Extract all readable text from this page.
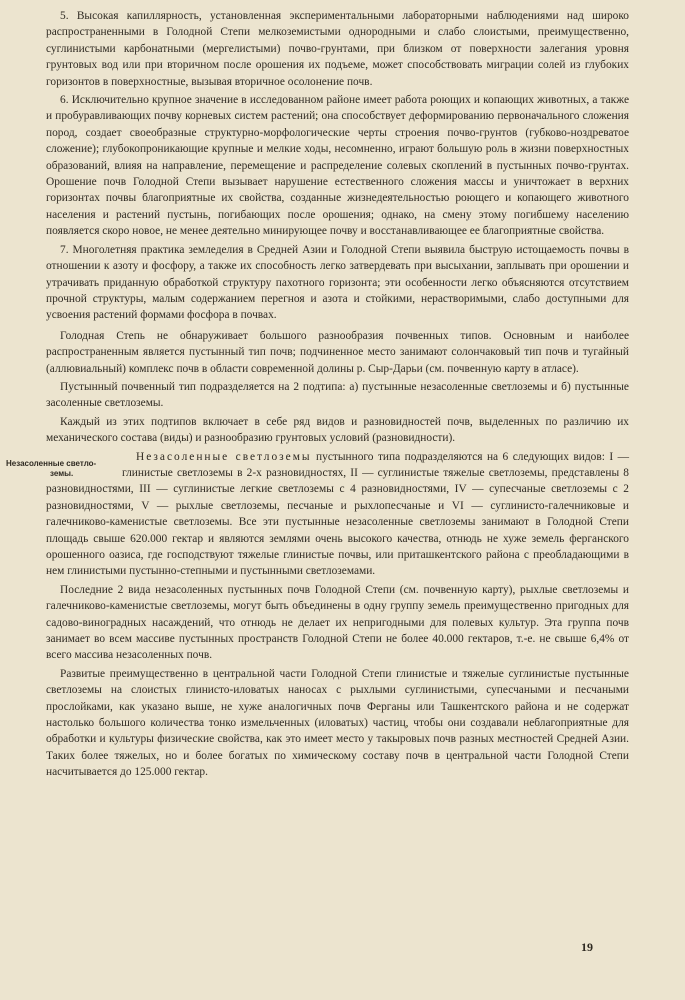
5. Высокая капиллярность, установленная экспериментальными лабораторными наблюдениями над широко распространенными в Голодной Степи мелкоземистыми однородными и слабо слоистыми, преимущественно, суглинистыми карбонатными (мергелистыми) почво-грунтами, при близком от поверхности залегания уровня грунтовых вод или при вторичном после орошения их подъеме, может способствовать миграции солей из глубоких горизонтов в поверхностные, вызывая вторичное осолонение почв.

6. Исключительно крупное значение в исследованном районе имеет работа роющих и копающих животных, а также и пробуравливающих почву корневых систем растений; она способствует деформированию первоначального сложения пород, создает своеобразные структурно-морфологические черты строения почво-грунтов (губково-ноздреватое сложение); глубокопроникающие крупные и мелкие ходы, несомненно, играют большую роль в жизни поверхностных образований, влияя на направление, перемещение и распределение солевых скоплений в пустынных почво-грунтах. Орошение почв Голодной Степи вызывает нарушение естественного сложения массы и уничтожает в верхних горизонтах почвы благоприятные их свойства, созданные жизнедеятельностью роющего и копающего животного населения и растений пустынь, погибающих после орошения; однако, на смену этому погибшему населению появляется скоро новое, не менее деятельно минирующее почву и восстанавливающее ее благоприятные свойства.

7. Многолетняя практика земледелия в Средней Азии и Голодной Степи выявила быструю истощаемость почвы в отношении к азоту и фосфору, а также их способность легко затвердевать при высыхании, заплывать при орошении и утрачивать приданную обработкой структуру пахотного горизонта; эти особенности легко объясняются отсутствием прочной структуры, малым содержанием перегноя и азота и стойкими, нерастворимыми, слабо доступными для усвоения растений формами фосфора в почвах.

Голодная Степь не обнаруживает большого разнообразия почвенных типов. Основным и наиболее распространенным является пустынный тип почв; подчиненное место занимают солончаковый тип почв и тугайный (аллювиальный) комплекс почв в области современной долины р. Сыр-Дарьи (см. почвенную карту в атласе).

Пустынный почвенный тип подразделяется на 2 подтипа: а) пустынные незасоленные светлоземы и б) пустынные засоленные светлоземы.

Каждый из этих подтипов включает в себе ряд видов и разновидностей почв, выделенных по различию их механического состава (виды) и разнообразию грунтовых условий (разновидности).

Незасоленные светло-
земы.
Незасоленные светлоземы пустынного типа подразделяются на 6 следующих видов: I — глинистые светлоземы в 2-х разновидностях, II — суглинистые тяжелые светлоземы, представлены 8 разновидностями, III — суглинистые легкие светлоземы с 4 разновидностями, IV — супесчаные светлоземы с 2 разновидностями, V — рыхлые светлоземы, песчаные и рыхлопесчаные и VI — суглинисто-галечниковые и галечниково-каменистые светлоземы. Все эти пустынные незасоленные светлоземы занимают в Голодной Степи площадь свыше 620.000 гектар и являются землями очень высокого качества, отнюдь не хуже земель ферганского орошенного оазиса, где господствуют тяжелые глинистые почвы, или приташкентского района с преобладающими в нем глинистыми пустынно-степными и пустынными светлоземами.

Последние 2 вида незасоленных пустынных почв Голодной Степи (см. почвенную карту), рыхлые светлоземы и галечниково-каменистые светлоземы, могут быть объединены в одну группу земель преимущественно пригодных для садово-виноградных насаждений, что отнюдь не делает их непригодными для полевых культур. Эта группа почв занимает во всем массиве пустынных пространств Голодной Степи не более 40.000 гектаров, т.-е. не свыше 6,4% от всего массива незасоленных почв.

Развитые преимущественно в центральной части Голодной Степи глинистые и тяжелые суглинистые пустынные светлоземы на слоистых глинисто-иловатых наносах с рыхлыми суглинистыми, супесчаными и песчаными прослойками, как указано выше, не хуже аналогичных почв Ферганы или Ташкентского района и не содержат настолько большого количества тонко измельченных (иловатых) частиц, чтобы они создавали неблагоприятные для обработки и культуры физические свойства, как это имеет место у такыровых почв разных местностей Средней Азии. Таких более тяжелых, но и более богатых по химическому составу почв в центральной части Голодной Степи насчитывается до 125.000 гектар.

19
